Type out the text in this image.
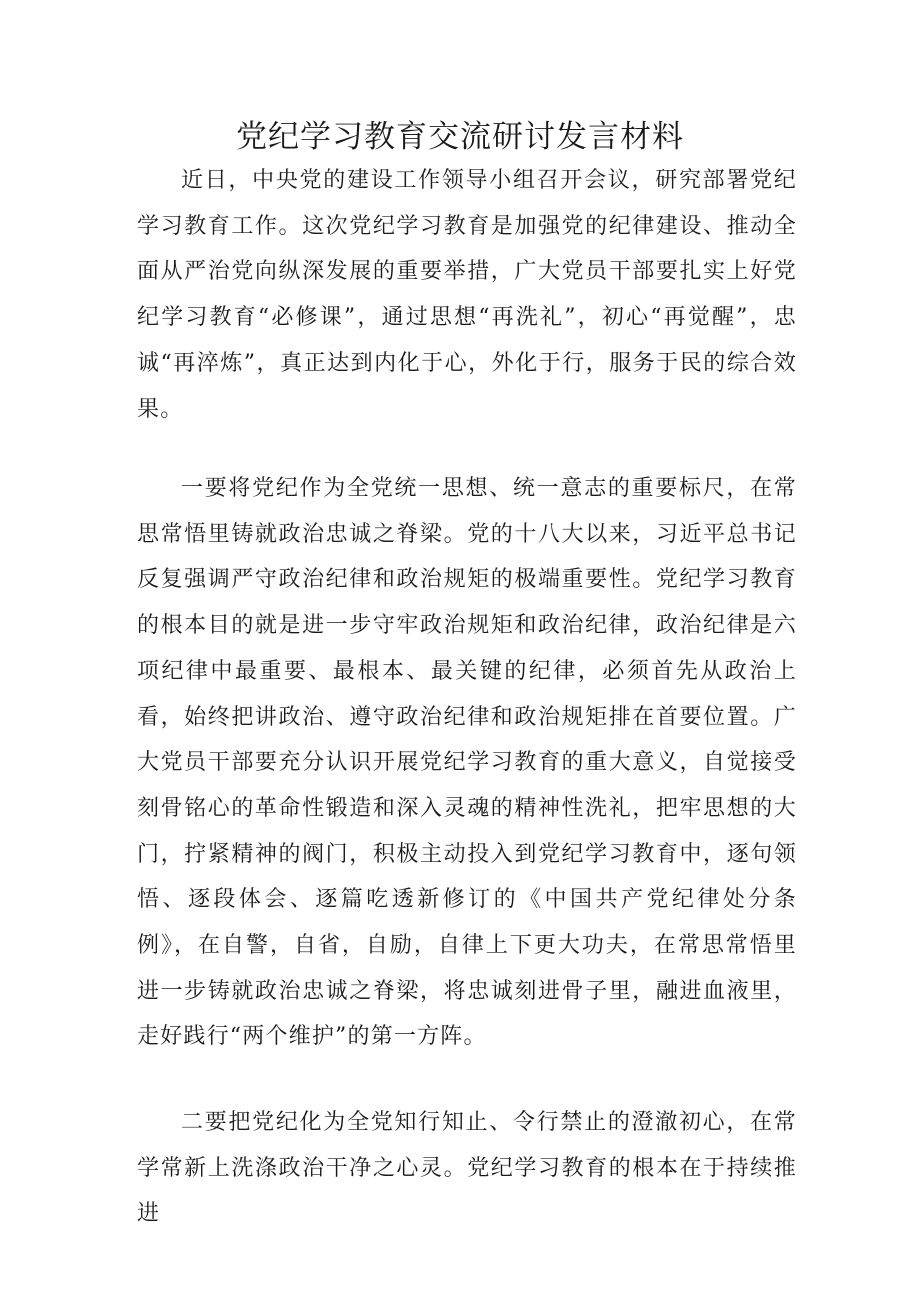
党纪学习教育交流研讨发言材料

近日，中央党的建设工作领导小组召开会议，研究部署党纪学习教育工作。这次党纪学习教育是加强党的纪律建设、推动全面从严治党向纵深发展的重要举措，广大党员干部要扎实上好党纪学习教育“必修课”，通过思想“再洗礼”，初心“再觉醒”，忠诚“再淬炼”，真正达到内化于心，外化于行，服务于民的综合效果。

一要将党纪作为全党统一思想、统一意志的重要标尺，在常思常悟里铸就政治忠诚之脊梁。党的十八大以来，习近平总书记反复强调严守政治纪律和政治规矩的极端重要性。党纪学习教育的根本目的就是进一步守牢政治规矩和政治纪律，政治纪律是六项纪律中最重要、最根本、最关键的纪律，必须首先从政治上看，始终把讲政治、遵守政治纪律和政治规矩排在首要位置。广大党员干部要充分认识开展党纪学习教育的重大意义，自觉接受刻骨铭心的革命性锻造和深入灵魂的精神性洗礼，把牢思想的大门，拧紧精神的阀门，积极主动投入到党纪学习教育中，逐句领悟、逐段体会、逐篇吃透新修订的《中国共产党纪律处分条例》，在自警，自省，自励，自律上下更大功夫，在常思常悟里进一步铸就政治忠诚之脊梁，将忠诚刻进骨子里，融进血液里，走好践行“两个维护”的第一方阵。

二要把党纪化为全党知行知止、令行禁止的澄澈初心，在常学常新上洗涤政治干净之心灵。党纪学习教育的根本在于持续推进
